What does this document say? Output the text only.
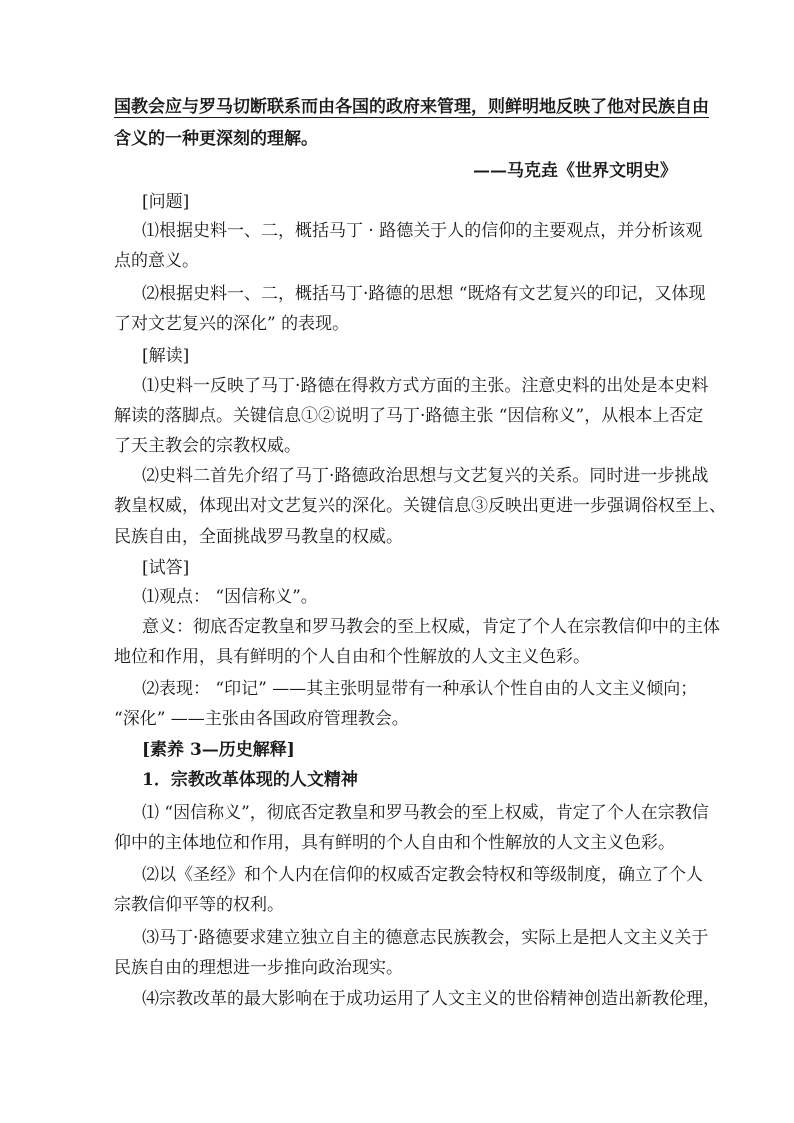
国教会应与罗马切断联系而由各国的政府来管理，则鲜明地反映了他对民族自由
含义的一种更深刻的理解。
——马克垚《世界文明史》
[问题]
⑴根据史料一、二，概括马丁 · 路德关于人的信仰的主要观点，并分析该观
点的意义。
⑵根据史料一、二，概括马丁·路德的思想 “既烙有文艺复兴的印记，又体现
了对文艺复兴的深化” 的表现。
[解读]
⑴史料一反映了马丁·路德在得救方式方面的主张。注意史料的出处是本史料
解读的落脚点。关键信息①②说明了马丁·路德主张 “因信称义”，从根本上否定
了天主教会的宗教权威。
⑵史料二首先介绍了马丁·路德政治思想与文艺复兴的关系。同时进一步挑战
教皇权威，体现出对文艺复兴的深化。关键信息③反映出更进一步强调俗权至上、
民族自由，全面挑战罗马教皇的权威。
[试答]
⑴观点： “因信称义”。
意义：彻底否定教皇和罗马教会的至上权威，肯定了个人在宗教信仰中的主体
地位和作用，具有鲜明的个人自由和个性解放的人文主义色彩。
⑵表现： “印记” ——其主张明显带有一种承认个性自由的人文主义倾向；
“深化” ——主张由各国政府管理教会。
[素养 3—历史解释]
1．宗教改革体现的人文精神
⑴ “因信称义”，彻底否定教皇和罗马教会的至上权威，肯定了个人在宗教信
仰中的主体地位和作用，具有鲜明的个人自由和个性解放的人文主义色彩。
⑵以《圣经》和个人内在信仰的权威否定教会特权和等级制度，确立了个人
宗教信仰平等的权利。
⑶马丁·路德要求建立独立自主的德意志民族教会，实际上是把人文主义关于
民族自由的理想进一步推向政治现实。
⑷宗教改革的最大影响在于成功运用了人文主义的世俗精神创造出新教伦理，
